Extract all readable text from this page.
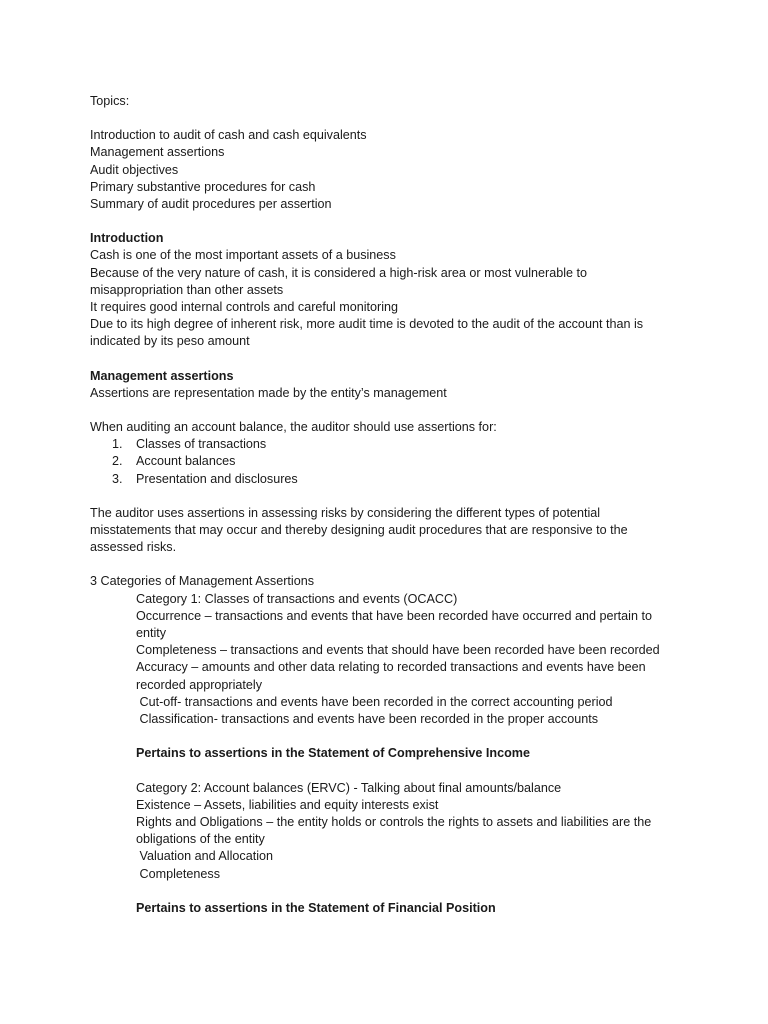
Topics:
Introduction to audit of cash and cash equivalents
Management assertions
Audit objectives
Primary substantive procedures for cash
Summary of audit procedures per assertion
Introduction
Cash is one of the most important assets of a business
Because of the very nature of cash, it is considered a high-risk area or most vulnerable to
misappropriation than other assets
It requires good internal controls and careful monitoring
Due to its high degree of inherent risk, more audit time is devoted to the audit of the account than is
indicated by its peso amount
Management assertions
Assertions are representation made by the entity’s management
When auditing an account balance, the auditor should use assertions for:
1. Classes of transactions
2. Account balances
3. Presentation and disclosures
The auditor uses assertions in assessing risks by considering the different types of potential
misstatements that may occur and thereby designing audit procedures that are responsive to the
assessed risks.
3 Categories of Management Assertions
Category 1: Classes of transactions and events (OCACC)
Occurrence – transactions and events that have been recorded have occurred and pertain to
entity
Completeness – transactions and events that should have been recorded have been recorded
Accuracy – amounts and other data relating to recorded transactions and events have been
recorded appropriately
Cut-off- transactions and events have been recorded in the correct accounting period
Classification- transactions and events have been recorded in the proper accounts
Pertains to assertions in the Statement of Comprehensive Income
Category 2: Account balances (ERVC) - Talking about final amounts/balance
Existence – Assets, liabilities and equity interests exist
Rights and Obligations – the entity holds or controls the rights to assets and liabilities are the
obligations of the entity
Valuation and Allocation
Completeness
Pertains to assertions in the Statement of Financial Position
